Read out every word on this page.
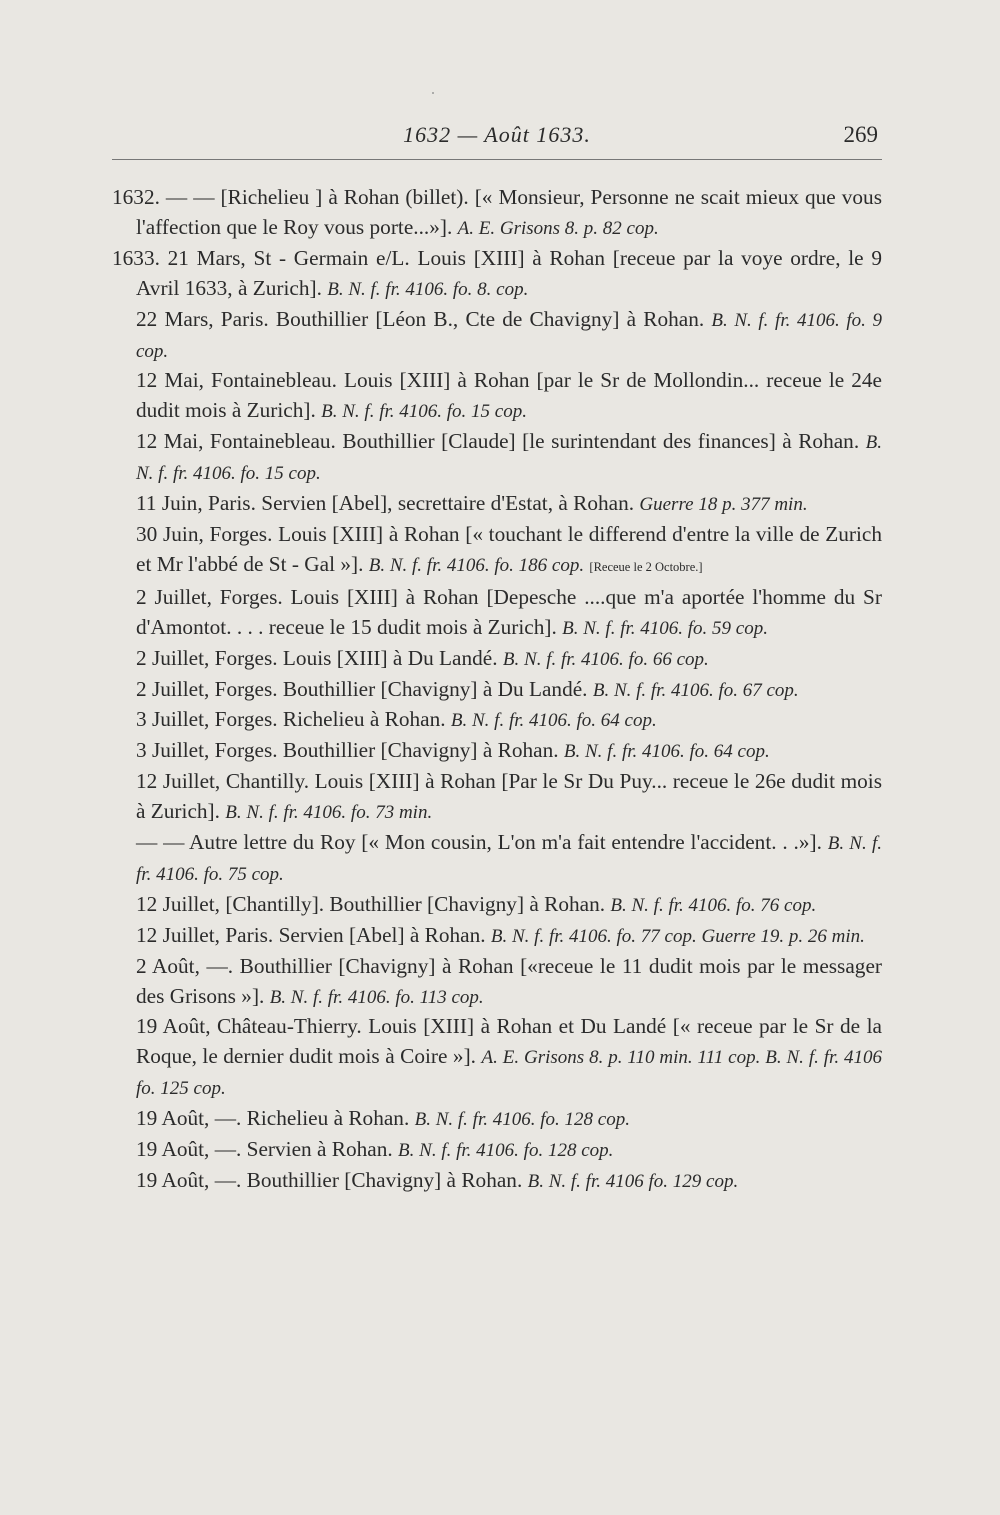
1632 — Août 1633.	269
1632. — — [Richelieu ] à Rohan (billet). [« Monsieur, Personne ne scait mieux que vous l'affection que le Roy vous porte...»]. A. E. Grisons 8. p. 82 cop.
1633. 21 Mars, St - Germain e/L. Louis [XIII] à Rohan [receue par la voye ordre, le 9 Avril 1633, à Zurich]. B. N. f. fr. 4106. fo. 8. cop.
22 Mars, Paris. Bouthillier [Léon B., Cte de Chavigny] à Rohan. B. N. f. fr. 4106. fo. 9 cop.
12 Mai, Fontainebleau. Louis [XIII] à Rohan [par le Sr de Mollondin... receue le 24e dudit mois à Zurich]. B. N. f. fr. 4106. fo. 15 cop.
12 Mai, Fontainebleau. Bouthillier [Claude] [le surintendant des finances] à Rohan. B. N. f. fr. 4106. fo. 15 cop.
11 Juin, Paris. Servien [Abel], secrettaire d'Estat, à Rohan. Guerre 18 p. 377 min.
30 Juin, Forges. Louis [XIII] à Rohan [« touchant le differend d'entre la ville de Zurich et Mr l'abbé de St - Gal »]. B. N. f. fr. 4106. fo. 186 cop. [Receue le 2 Octobre.]
2 Juillet, Forges. Louis [XIII] à Rohan [Depesche ....que m'a aportée l'homme du Sr d'Amontot. . . . receue le 15 dudit mois à Zurich]. B. N. f. fr. 4106. fo. 59 cop.
2 Juillet, Forges. Louis [XIII] à Du Landé. B. N. f. fr. 4106. fo. 66 cop.
2 Juillet, Forges. Bouthillier [Chavigny] à Du Landé. B. N. f. fr. 4106. fo. 67 cop.
3 Juillet, Forges. Richelieu à Rohan. B. N. f. fr. 4106. fo. 64 cop.
3 Juillet, Forges. Bouthillier [Chavigny] à Rohan. B. N. f. fr. 4106. fo. 64 cop.
12 Juillet, Chantilly. Louis [XIII] à Rohan [Par le Sr Du Puy... receue le 26e dudit mois à Zurich]. B. N. f. fr. 4106. fo. 73 min.
— — Autre lettre du Roy [« Mon cousin, L'on m'a fait entendre l'accident. . .»]. B. N. f. fr. 4106. fo. 75 cop.
12 Juillet, [Chantilly]. Bouthillier [Chavigny] à Rohan. B. N. f. fr. 4106. fo. 76 cop.
12 Juillet, Paris. Servien [Abel] à Rohan. B. N. f. fr. 4106. fo. 77 cop. Guerre 19. p. 26 min.
2 Août, —. Bouthillier [Chavigny] à Rohan [«receue le 11 dudit mois par le messager des Grisons »]. B. N. f. fr. 4106. fo. 113 cop.
19 Août, Château-Thierry. Louis [XIII] à Rohan et Du Landé [« receue par le Sr de la Roque, le dernier dudit mois à Coire »]. A. E. Grisons 8. p. 110 min. 111 cop. B. N. f. fr. 4106 fo. 125 cop.
19 Août, —. Richelieu à Rohan. B. N. f. fr. 4106. fo. 128 cop.
19 Août, —. Servien à Rohan. B. N. f. fr. 4106. fo. 128 cop.
19 Août, —. Bouthillier [Chavigny] à Rohan. B. N. f. fr. 4106 fo. 129 cop.
